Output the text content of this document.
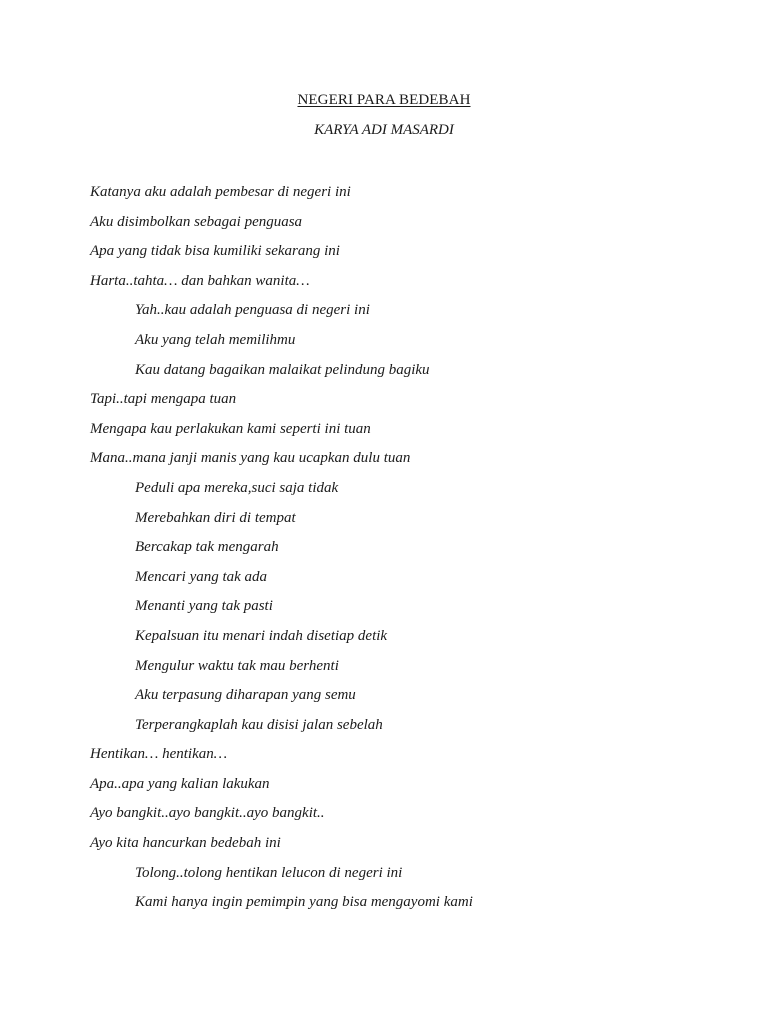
NEGERI PARA BEDEBAH

KARYA ADI MASARDI

Katanya aku adalah pembesar di negeri ini
Aku disimbolkan sebagai penguasa
Apa yang tidak bisa kumiliki sekarang ini
Harta..tahta… dan bahkan wanita…
Yah..kau adalah penguasa di negeri ini
Aku yang telah memilihmu
Kau datang bagaikan malaikat pelindung bagiku
Tapi..tapi mengapa tuan
Mengapa kau perlakukan kami seperti ini tuan
Mana..mana janji manis yang kau ucapkan dulu tuan
Peduli apa mereka,suci saja tidak
Merebahkan diri di tempat
Bercakap tak mengarah
Mencari yang tak ada
Menanti yang tak pasti
Kepalsuan itu menari indah disetiap detik
Mengulur waktu tak mau berhenti
Aku terpasung diharapan yang semu
Terperangkaplah kau disisi jalan sebelah
Hentikan… hentikan…
Apa..apa yang kalian lakukan
Ayo bangkit..ayo bangkit..ayo bangkit..
Ayo kita hancurkan bedebah ini
Tolong..tolong hentikan lelucon di negeri ini
Kami hanya ingin pemimpin yang bisa mengayomi kami
